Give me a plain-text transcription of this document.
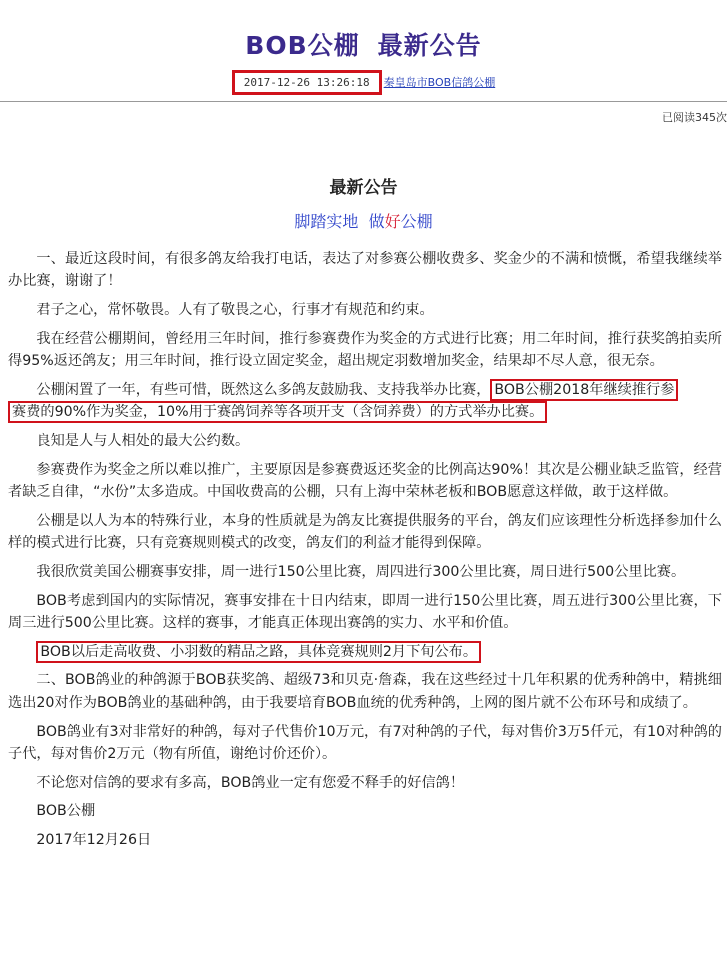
BOB公棚 最新公告
2017-12-26 13:26:18 秦皇岛市BOB信鸽公棚
已阅读345次
最新公告
脚踏实地 做好公棚

一、最近这段时间，有很多鸽友给我打电话，表达了对参赛公棚收费多、奖金少的不满和愤慨，希望我继续举办比赛，谢谢了！

君子之心，常怀敬畏。人有了敬畏之心，行事才有规范和约束。

我在经营公棚期间，曾经用三年时间，推行参赛费作为奖金的方式进行比赛；用二年时间，推行获奖鸽拍卖所得95%返还鸽友；用三年时间，推行设立固定奖金，超出规定羽数增加奖金，结果却不尽人意，很无奈。

公棚闲置了一年，有些可惜，既然这么多鸽友鼓励我、支持我举办比赛， BOB公棚2018年继续推行参
赛费的90%作为奖金，10%用于赛鸽饲养等各项开支（含饲养费）的方式举办比赛。

良知是人与人相处的最大公约数。

参赛费作为奖金之所以难以推广，主要原因是参赛费返还奖金的比例高达90%！其次是公棚业缺乏监管，经营者缺乏自律，“水份”太多造成。中国收费高的公棚，只有上海中荣林老板和BOB愿意这样做，敢于这样做。

公棚是以人为本的特殊行业，本身的性质就是为鸽友比赛提供服务的平台，鸽友们应该理性分析选择参加什么样的模式进行比赛，只有竞赛规则模式的改变，鸽友们的利益才能得到保障。

我很欣赏美国公棚赛事安排，周一进行150公里比赛，周四进行300公里比赛，周日进行500公里比赛。

BOB考虑到国内的实际情况，赛事安排在十日内结束，即周一进行150公里比赛，周五进行300公里比赛，下周三进行500公里比赛。这样的赛事，才能真正体现出赛鸽的实力、水平和价值。

BOB以后走高收费、小羽数的精品之路，具体竞赛规则2月下旬公布。

二、BOB鸽业的种鸽源于BOB获奖鸽、超级73和贝克·詹森，我在这些经过十几年积累的优秀种鸽中，精挑细选出20对作为BOB鸽业的基础种鸽，由于我要培育BOB血统的优秀种鸽，上网的图片就不公布环号和成绩了。

BOB鸽业有3对非常好的种鸽，每对子代售价10万元，有7对种鸽的子代，每对售价3万5仟元，有10对种鸽的子代，每对售价2万元（物有所值，谢绝讨价还价）。

不论您对信鸽的要求有多高，BOB鸽业一定有您爱不释手的好信鸽！

BOB公棚

2017年12月26日
